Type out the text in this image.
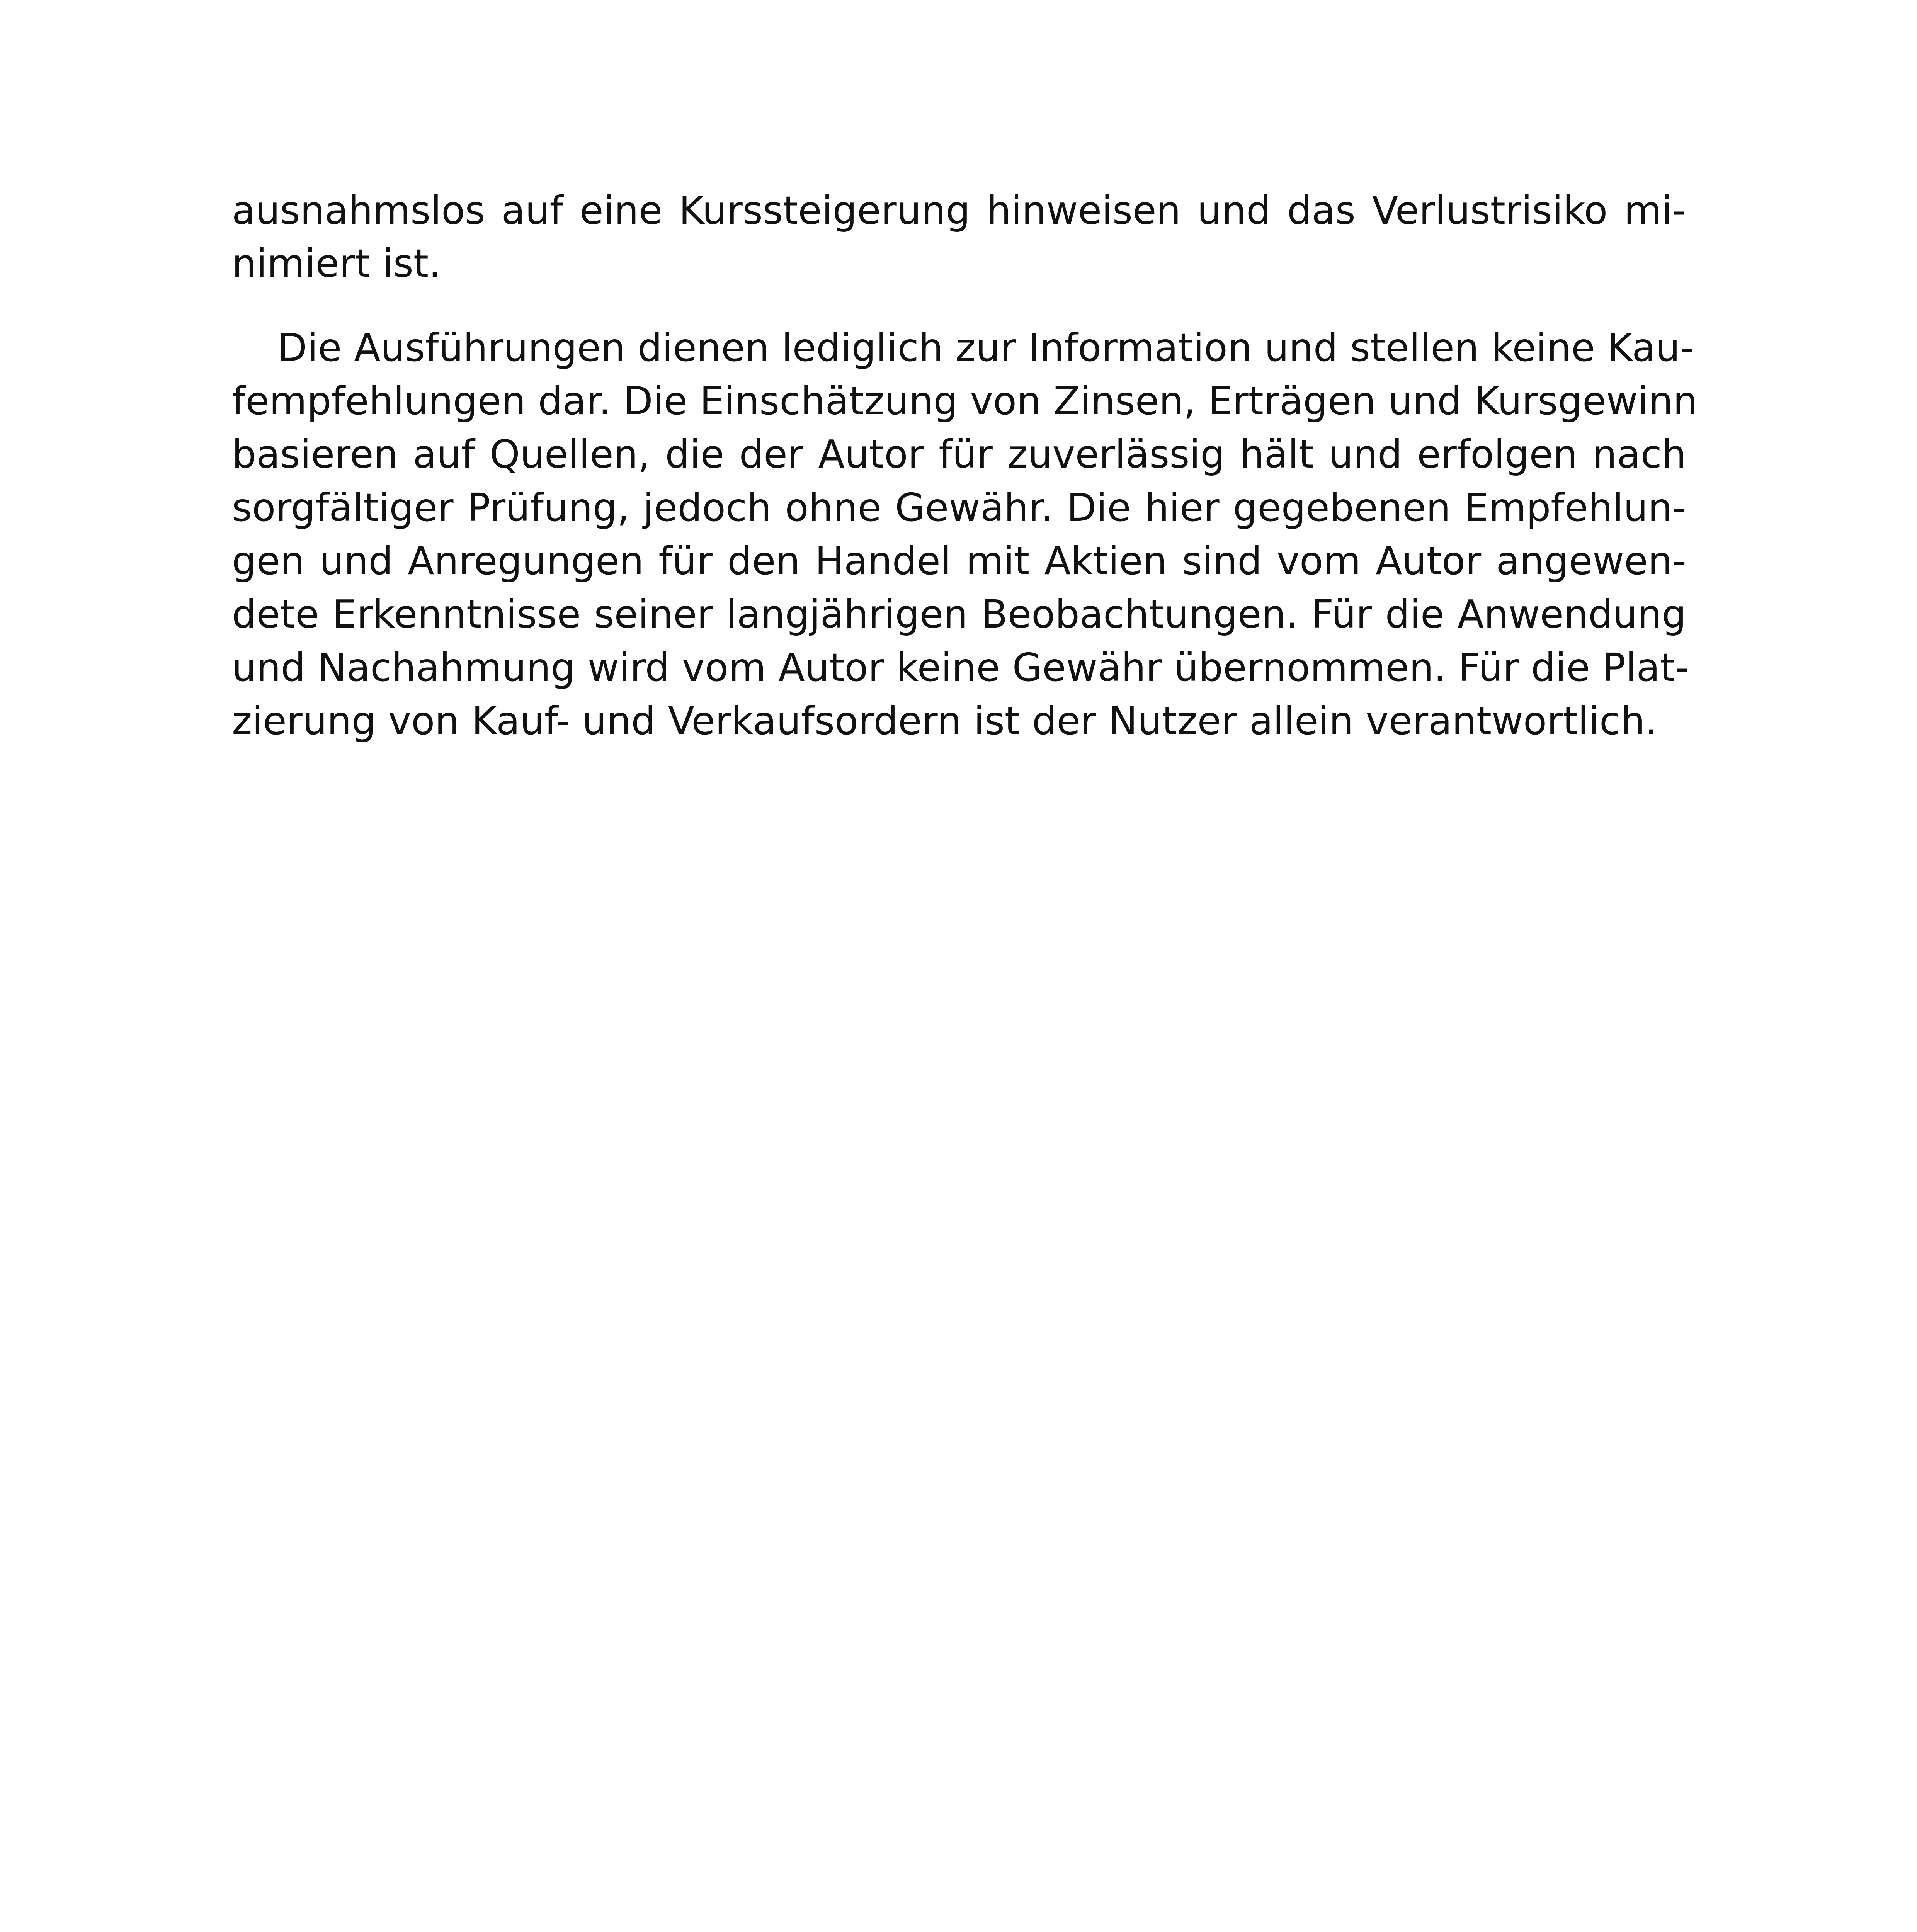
ausnahmslos auf eine Kurssteigerung hinweisen und das Verlustrisiko mi-
nimiert ist.
Die Ausführungen dienen lediglich zur Information und stellen keine Kau-
fempfehlungen dar. Die Einschätzung von Zinsen, Erträgen und Kursgewinn
basieren auf Quellen, die der Autor für zuverlässig hält und erfolgen nach
sorgfältiger Prüfung, jedoch ohne Gewähr. Die hier gegebenen Empfehlun-
gen und Anregungen für den Handel mit Aktien sind vom Autor angewen-
dete Erkenntnisse seiner langjährigen Beobachtungen. Für die Anwendung
und Nachahmung wird vom Autor keine Gewähr übernommen. Für die Plat-
zierung von Kauf- und Verkaufsordern ist der Nutzer allein verantwortlich.
